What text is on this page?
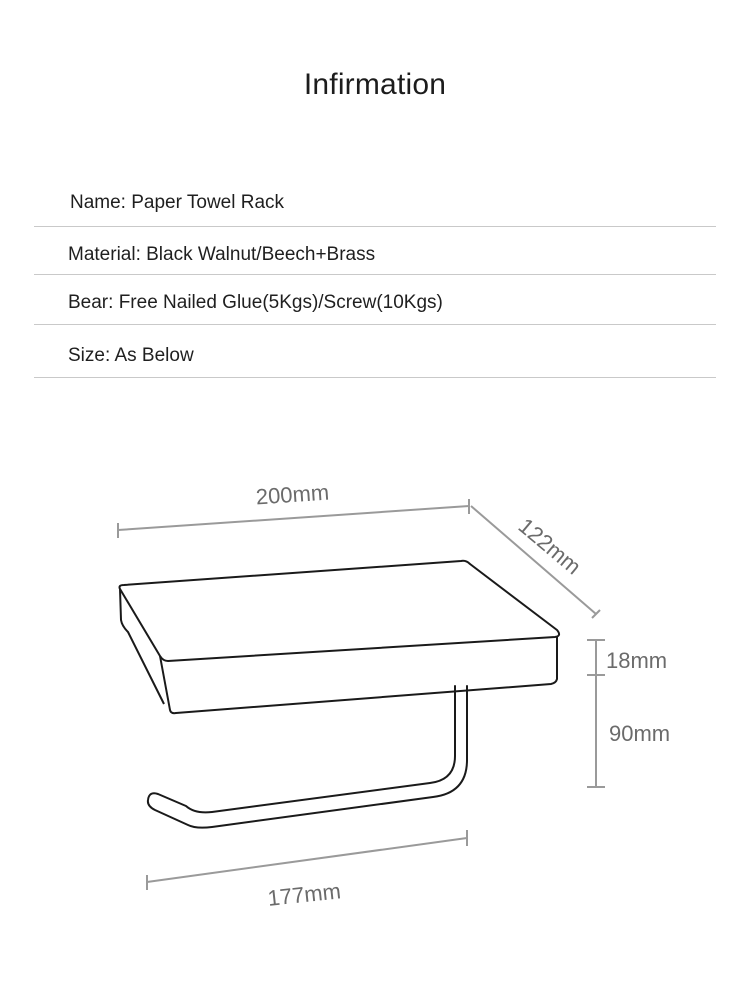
Infirmation
Name: Paper Towel Rack
Material: Black Walnut/Beech+Brass
Bear: Free Nailed Glue(5Kgs)/Screw(10Kgs)
Size: As Below
200mm
122mm
18mm
90mm
177mm
